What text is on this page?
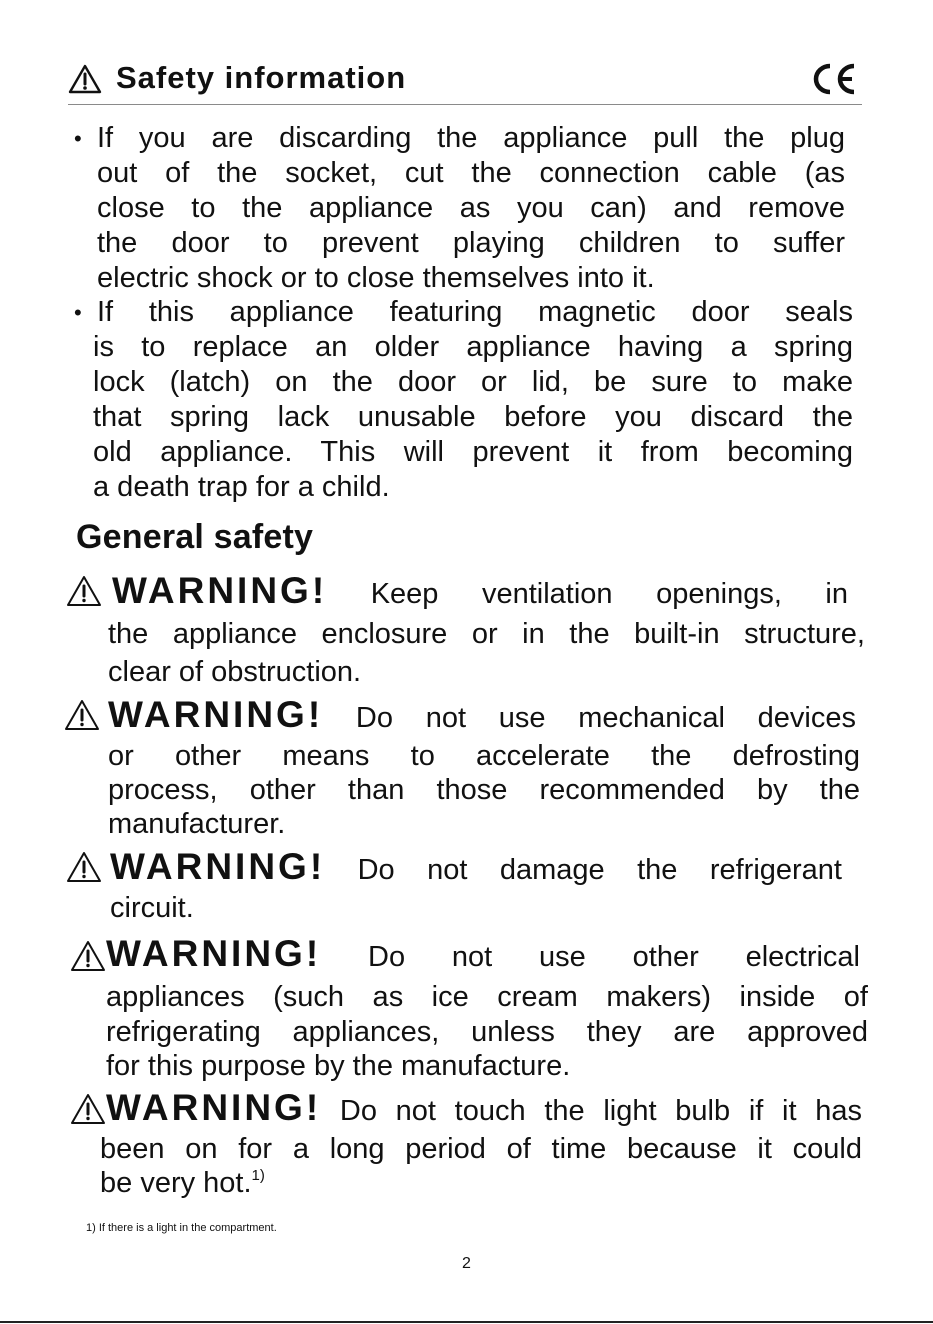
Safety information
• If you are discarding the appliance pull the plug
out of the socket, cut the connection cable (as
close to the appliance as you can) and remove
the door to prevent playing children to suffer
electric shock or to close themselves into it.

• If this appliance featuring magnetic door seals
is to replace an older appliance having a spring
lock (latch) on the door or lid, be sure to make
that spring lack unusable before you discard the
old appliance. This will prevent it from becoming
a death trap for a child.

General safety

WARNING! Keep ventilation openings, in
the appliance enclosure or in the built-in structure,
clear of obstruction.

WARNING! Do not use mechanical devices
or other means to accelerate the defrosting
process, other than those recommended by the
manufacturer.

WARNING! Do not damage the refrigerant
circuit.

WARNING! Do not use other electrical
appliances (such as ice cream makers) inside of
refrigerating appliances, unless they are approved
for this purpose by the manufacture.

WARNING! Do not touch the light bulb if it has
been on for a long period of time because it could
be very hot.$^{1)}$

1) If there is a light in the compartment.
2
